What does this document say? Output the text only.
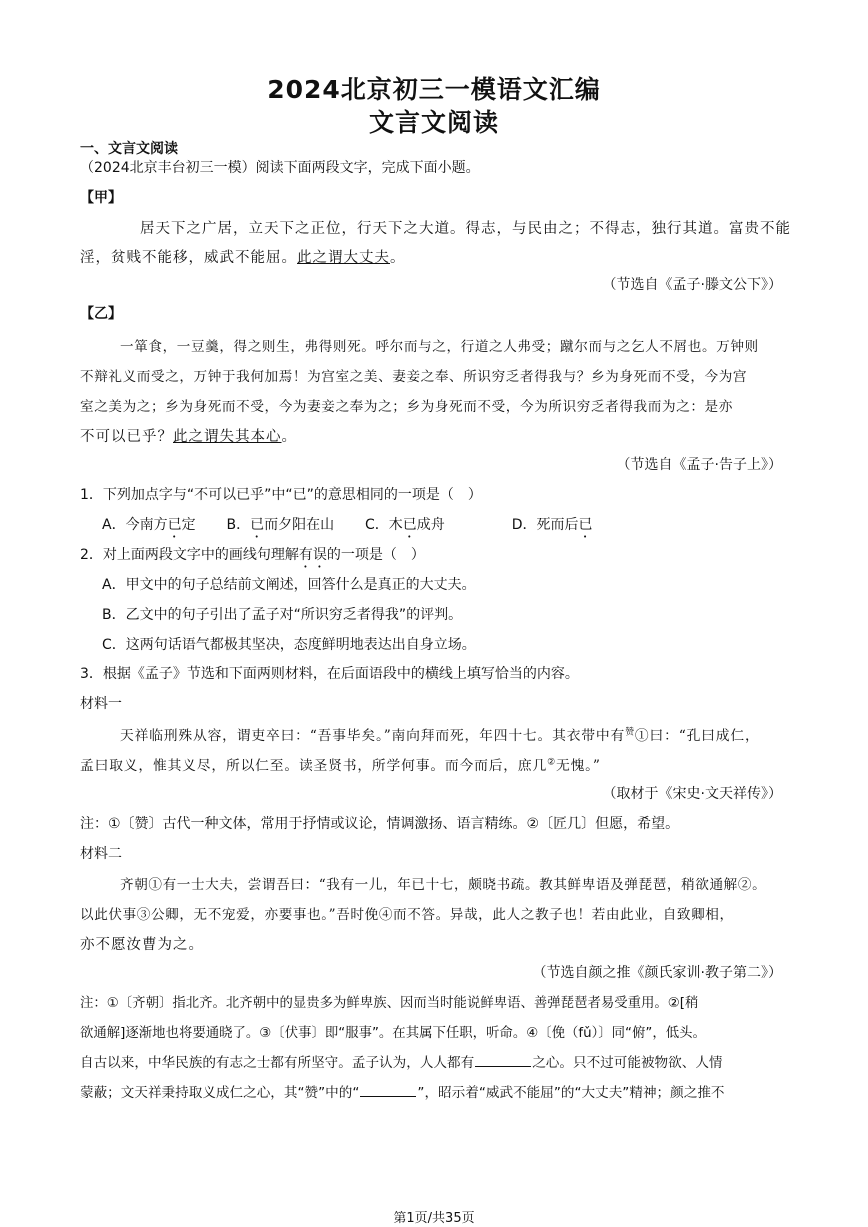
2024北京初三一模语文汇编
文言文阅读
一、文言文阅读
（2024北京丰台初三一模）阅读下面两段文字，完成下面小题。
【甲】
居天下之广居，立天下之正位，行天下之大道。得志，与民由之；不得志，独行其道。富贵不能
淫，贫贱不能移，威武不能屈。此之谓大丈夫。
（节选自《孟子·滕文公下》）
【乙】
一箪食，一豆羹，得之则生，弗得则死。呼尔而与之，行道之人弗受；蹴尔而与之乞人不屑也。万钟则
不辩礼义而受之，万钟于我何加焉！为宫室之美、妻妾之奉、所识穷乏者得我与？乡为身死而不受，今为宫
室之美为之；乡为身死而不受，今为妻妾之奉为之；乡为身死而不受，今为所识穷乏者得我而为之：是亦
不可以已乎？此之谓失其本心。
（节选自《孟子·告子上》）
1．下列加点字与“不可以已乎”中“已”的意思相同的一项是（　）
A．今南方已定 B．已而夕阳在山 C．木已成舟	D．死而后已
2．对上面两段文字中的画线句理解有误的一项是（　）
A．甲文中的句子总结前文阐述，回答什么是真正的大丈夫。
B．乙文中的句子引出了孟子对“所识穷乏者得我”的评判。
C．这两句话语气都极其坚决，态度鲜明地表达出自身立场。
3．根据《孟子》节选和下面两则材料，在后面语段中的横线上填写恰当的内容。
材料一
天祥临刑殊从容，谓吏卒曰：“吾事毕矣。”南向拜而死，年四十七。其衣带中有$^赞$①曰：“孔曰成仁，
孟曰取义，惟其义尽，所以仁至。读圣贤书，所学何事。而今而后，庶几②无愧。”
（取材于《宋史·文天祥传》）
注：①〔赞〕古代一种文体，常用于抒情或议论，情调激扬、语言精练。②〔匠几〕但愿，希望。
材料二
齐朝①有一士大夫，尝谓吾曰：“我有一儿，年已十七，颇晓书疏。教其鲜卑语及弹琵琶，稍欲通解②。
以此伏事③公卿，无不宠爱，亦要事也。”吾时俛④而不答。异哉，此人之教子也！若由此业，自致卿相，
亦不愿汝曹为之。
（节选自颜之推《颜氏家训·教子第二》）
注：①〔齐朝〕指北齐。北齐朝中的显贵多为鲜卑族、因而当时能说鲜卑语、善弹琵琶者易受重用。②[稍
欲通解]逐渐地也将要通晓了。③〔伏事〕即“服事”。在其属下任职，听命。④〔俛（fǔ）〕同“俯”，低头。
自古以来，中华民族的有志之士都有所坚守。孟子认为，人人都有	之心。只不过可能被物欲、人情
蒙蔽；文天祥秉持取义成仁之心，其“赞”中的“	”，昭示着“威武不能屈”的“大丈夫”精神；颜之推不
第1页/共35页
